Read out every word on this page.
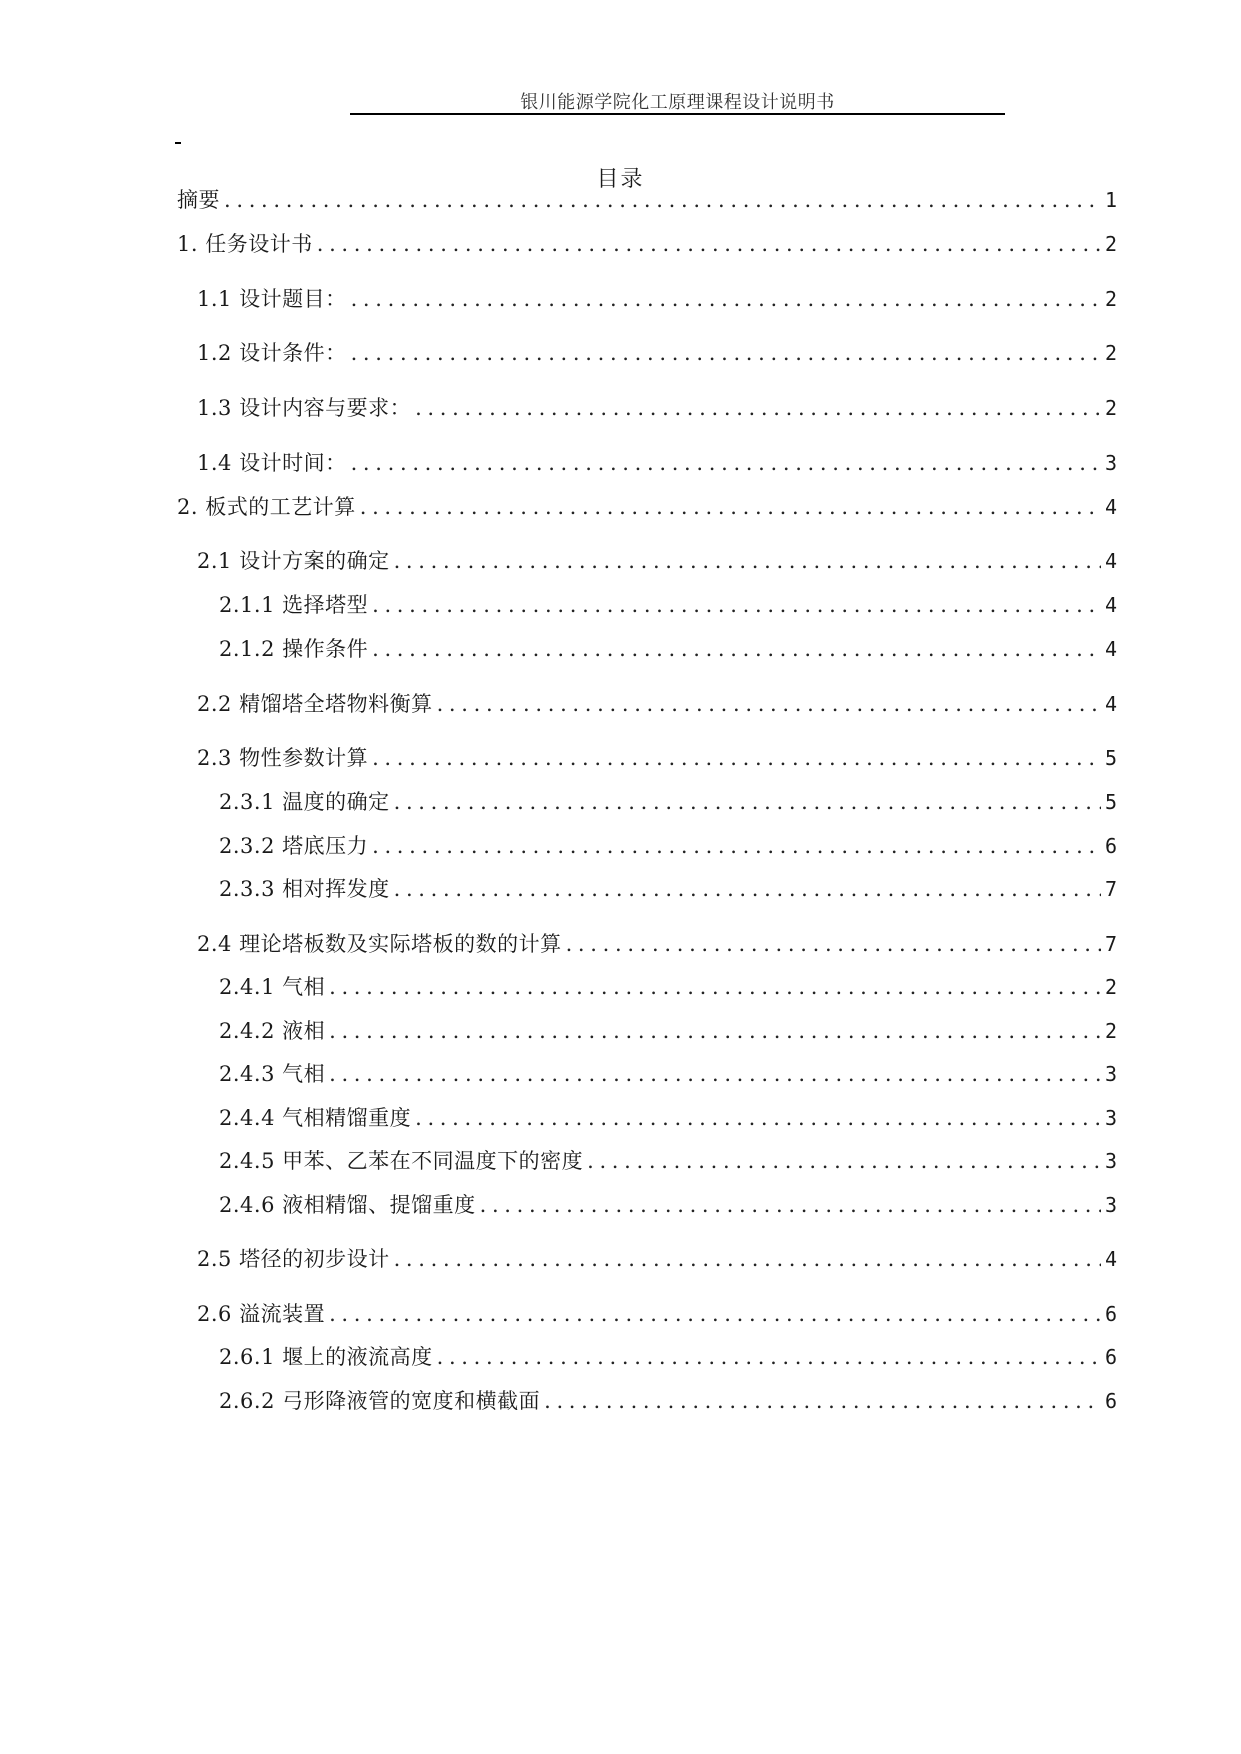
银川能源学院化工原理课程设计说明书
目录
摘要 . . .	1
1. 任务设计书 . . .	2
1.1 设计题目： . . .	2
1.2 设计条件： . . .	2
1.3 设计内容与要求： . . .	2
1.4 设计时间： . . .	3
2. 板式的工艺计算 . . .	4
2.1 设计方案的确定 . . .	4
2.1.1 选择塔型 . . .	4
2.1.2 操作条件 . . .	4
2.2 精馏塔全塔物料衡算 . . .	4
2.3 物性参数计算 . . .	5
2.3.1 温度的确定 . . .	5
2.3.2 塔底压力 . . .	6
2.3.3 相对挥发度 . . .	7
2.4 理论塔板数及实际塔板的数的计算 . . .	7
2.4.1 气相 . . .	2
2.4.2 液相 . . .	2
2.4.3 气相 . . .	3
2.4.4 气相精馏重度 . . .	3
2.4.5 甲苯、乙苯在不同温度下的密度 . . .	3
2.4.6 液相精馏、提馏重度 . . .	3
2.5 塔径的初步设计 . . .	4
2.6 溢流装置 . . .	6
2.6.1 堰上的液流高度 . . .	6
2.6.2 弓形降液管的宽度和横截面 . . .	6
